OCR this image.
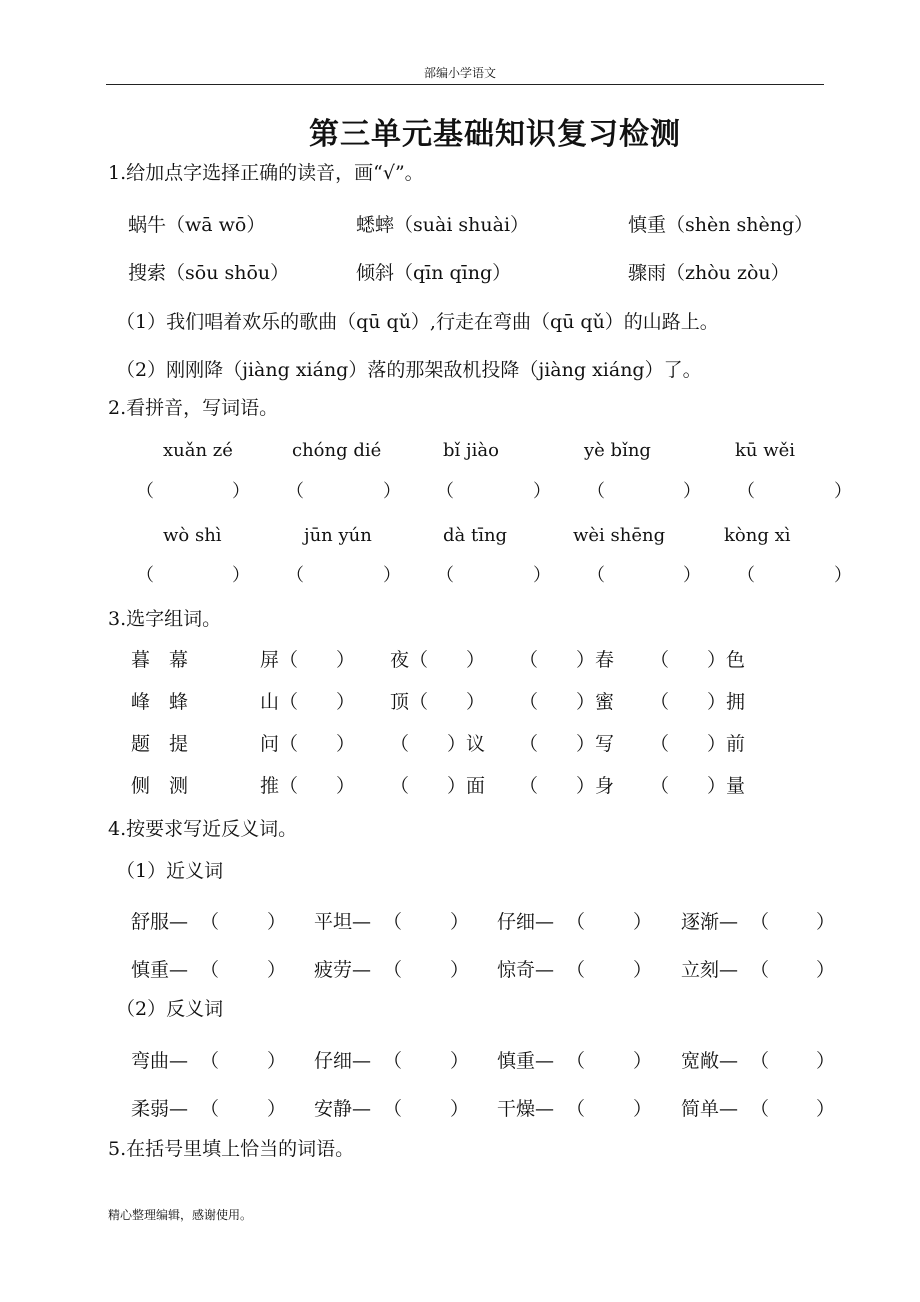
部编小学语文
第三单元基础知识复习检测
1.给加点字选择正确的读音，画“√”。
蜗牛（wā wō）	蟋蟀（suài shuài）	慎重（shèn shèng）
搜索（sōu shōu）	倾斜（qīn qīng）	骤雨（zhòu zòu）
（1）我们唱着欢乐的歌曲（qū qǔ）,行走在弯曲（qū qǔ）的山路上。
（2）刚刚降（jiàng xiáng）落的那架敌机投降（jiàng xiáng）了。
2.看拼音，写词语。
xuǎn zé	chóng dié	bǐ jiào	yè bǐng	kū wěi
（	） （	） （	） （	） （	）
wò shì	jūn yún	dà tīng	wèi shēng	kòng xì
（	） （	） （	） （	） （	）
3.选字组词。
暮　幕	屏（　　） 夜（　　） （　　）春 （　　）色
峰　蜂	山（　　） 顶（　　） （　　）蜜 （　　）拥
题　提	问（　　） （　　）议 （　　）写 （　　）前
侧　测	推（　　） （　　）面 （　　）身 （　　）量
4.按要求写近反义词。
（1）近义词
舒服— （	） 平坦— （	） 仔细— （	） 逐渐— （ ）
慎重— （	） 疲劳— （	） 惊奇— （	） 立刻— （ ）
（2）反义词
弯曲— （	） 仔细— （	） 慎重— （	） 宽敞— （ ）
柔弱— （	） 安静— （	） 干燥— （	） 简单— （ ）
5.在括号里填上恰当的词语。
精心整理编辑，感谢使用。
